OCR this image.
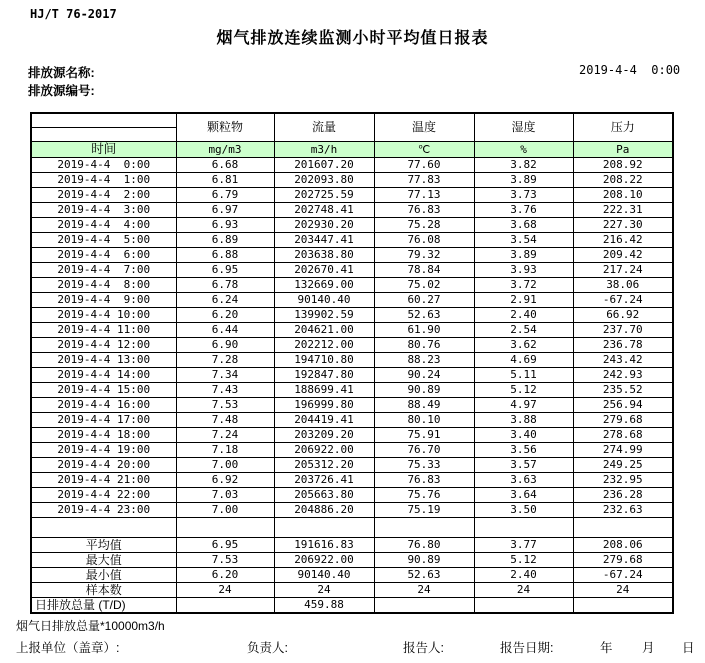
HJ/T 76-2017
烟气排放连续监测小时平均值日报表
排放源名称:
排放源编号:
2019-4-4  0:00
	颗粒物	流量	温度	湿度	压力

时间	mg/m3	m3/h	℃	%	Pa
2019-4-4  0:00	6.68	201607.20	77.60	3.82	208.92
2019-4-4  1:00	6.81	202093.80	77.83	3.89	208.22
2019-4-4  2:00	6.79	202725.59	77.13	3.73	208.10
2019-4-4  3:00	6.97	202748.41	76.83	3.76	222.31
2019-4-4  4:00	6.93	202930.20	75.28	3.68	227.30
2019-4-4  5:00	6.89	203447.41	76.08	3.54	216.42
2019-4-4  6:00	6.88	203638.80	79.32	3.89	209.42
2019-4-4  7:00	6.95	202670.41	78.84	3.93	217.24
2019-4-4  8:00	6.78	132669.00	75.02	3.72	38.06
2019-4-4  9:00	6.24	90140.40	60.27	2.91	-67.24
2019-4-4 10:00	6.20	139902.59	52.63	2.40	66.92
2019-4-4 11:00	6.44	204621.00	61.90	2.54	237.70
2019-4-4 12:00	6.90	202212.00	80.76	3.62	236.78
2019-4-4 13:00	7.28	194710.80	88.23	4.69	243.42
2019-4-4 14:00	7.34	192847.80	90.24	5.11	242.93
2019-4-4 15:00	7.43	188699.41	90.89	5.12	235.52
2019-4-4 16:00	7.53	196999.80	88.49	4.97	256.94
2019-4-4 17:00	7.48	204419.41	80.10	3.88	279.68
2019-4-4 18:00	7.24	203209.20	75.91	3.40	278.68
2019-4-4 19:00	7.18	206922.00	76.70	3.56	274.99
2019-4-4 20:00	7.00	205312.20	75.33	3.57	249.25
2019-4-4 21:00	6.92	203726.41	76.83	3.63	232.95
2019-4-4 22:00	7.03	205663.80	75.76	3.64	236.28
2019-4-4 23:00	7.00	204886.20	75.19	3.50	232.63

平均值	6.95	191616.83	76.80	3.77	208.06
最大值	7.53	206922.00	90.89	5.12	279.68
最小值	6.20	90140.40	52.63	2.40	-67.24
样本数	24	24	24	24	24
日排放总量 (T/D)		459.88			
烟气日排放总量*10000m3/h
上报单位（盖章）:	负责人:	报告人:	报告日期:	年 月 日
